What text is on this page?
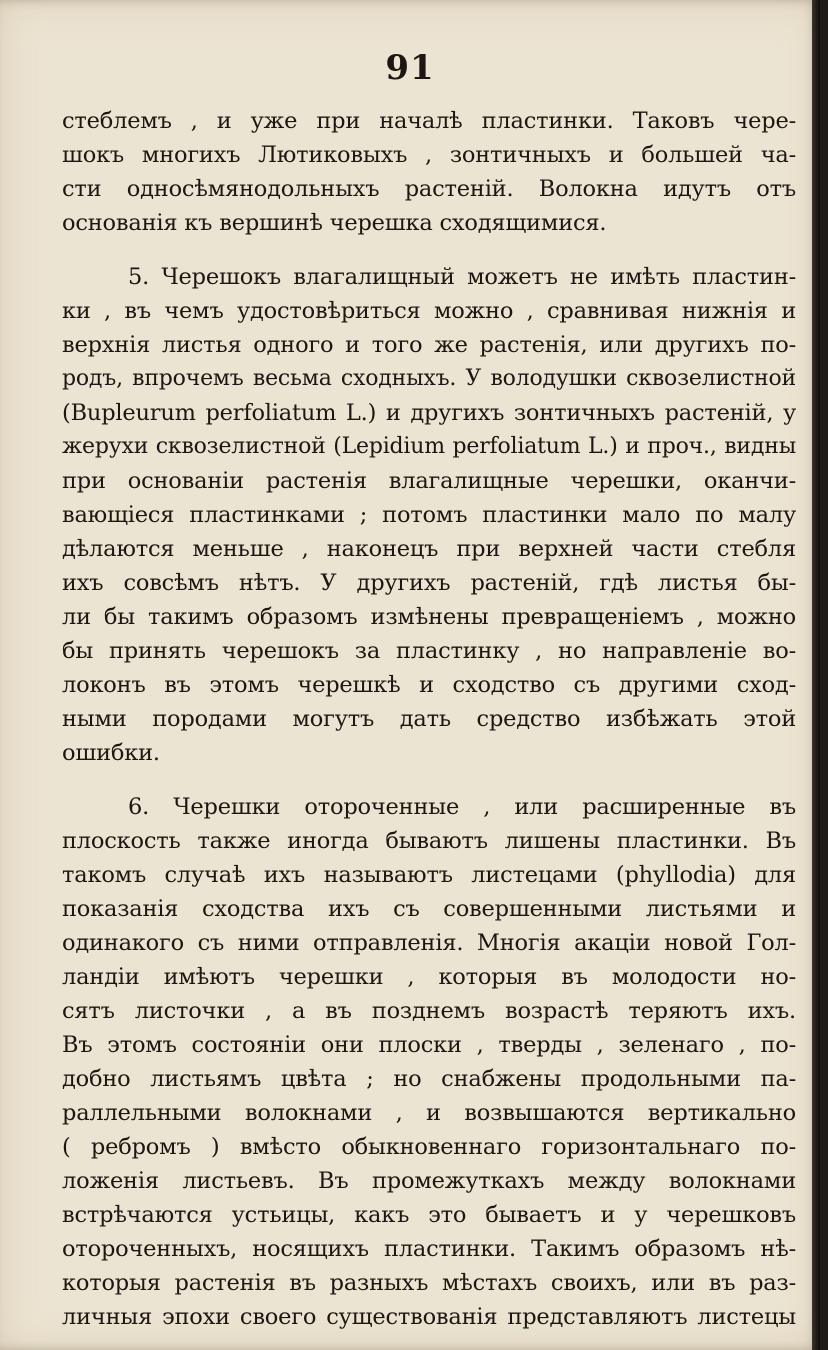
91
стеблемъ , и уже при началѣ пластинки. Таковъ чере-
шокъ многихъ Лютиковыхъ , зонтичныхъ и большей ча-
сти односѣмянодольныхъ растеній. Волокна идутъ отъ
основанія къ вершинѣ черешка сходящимися.
5. Черешокъ влагалищный можетъ не имѣть пластин-
ки , въ чемъ удостовѣриться можно , сравнивая нижнія и
верхнія листья одного и того же растенія, или другихъ по-
родъ, впрочемъ весьма сходныхъ. У володушки сквозелистной
(Bupleurum perfoliatum L.) и другихъ зонтичныхъ растеній, у
жерухи сквозелистной (Lepidium perfoliatum L.) и проч., видны
при основаніи растенія влагалищные черешки, оканчи-
вающіеся пластинками ; потомъ пластинки мало по малу
дѣлаются меньше , наконецъ при верхней части стебля
ихъ совсѣмъ нѣтъ. У другихъ растеній, гдѣ листья бы-
ли бы такимъ образомъ измѣнены превращеніемъ , можно
бы принять черешокъ за пластинку , но направленіе во-
локонъ въ этомъ черешкѣ и сходство съ другими сход-
ными породами могутъ дать средство избѣжать этой
ошибки.
6. Черешки отороченные , или расширенные въ
плоскость также иногда бываютъ лишены пластинки. Въ
такомъ случаѣ ихъ называютъ листецами (phyllodia) для
показанія сходства ихъ съ совершенными листьями и
одинакого съ ними отправленія. Многія акаціи новой Гол-
ландіи имѣютъ черешки , которыя въ молодости но-
сятъ листочки , а въ позднемъ возрастѣ теряютъ ихъ.
Въ этомъ состояніи они плоски , тверды , зеленаго , по-
добно листьямъ цвѣта ; но снабжены продольными па-
раллельными волокнами , и возвышаются вертикально
( ребромъ ) вмѣсто обыкновеннаго горизонтальнаго по-
ложенія листьевъ. Въ промежуткахъ между волокнами
встрѣчаются устьицы, какъ это бываетъ и у черешковъ
отороченныхъ, носящихъ пластинки. Такимъ образомъ нѣ-
которыя растенія въ разныхъ мѣстахъ своихъ, или въ раз-
личныя эпохи своего существованія представляютъ листецы
